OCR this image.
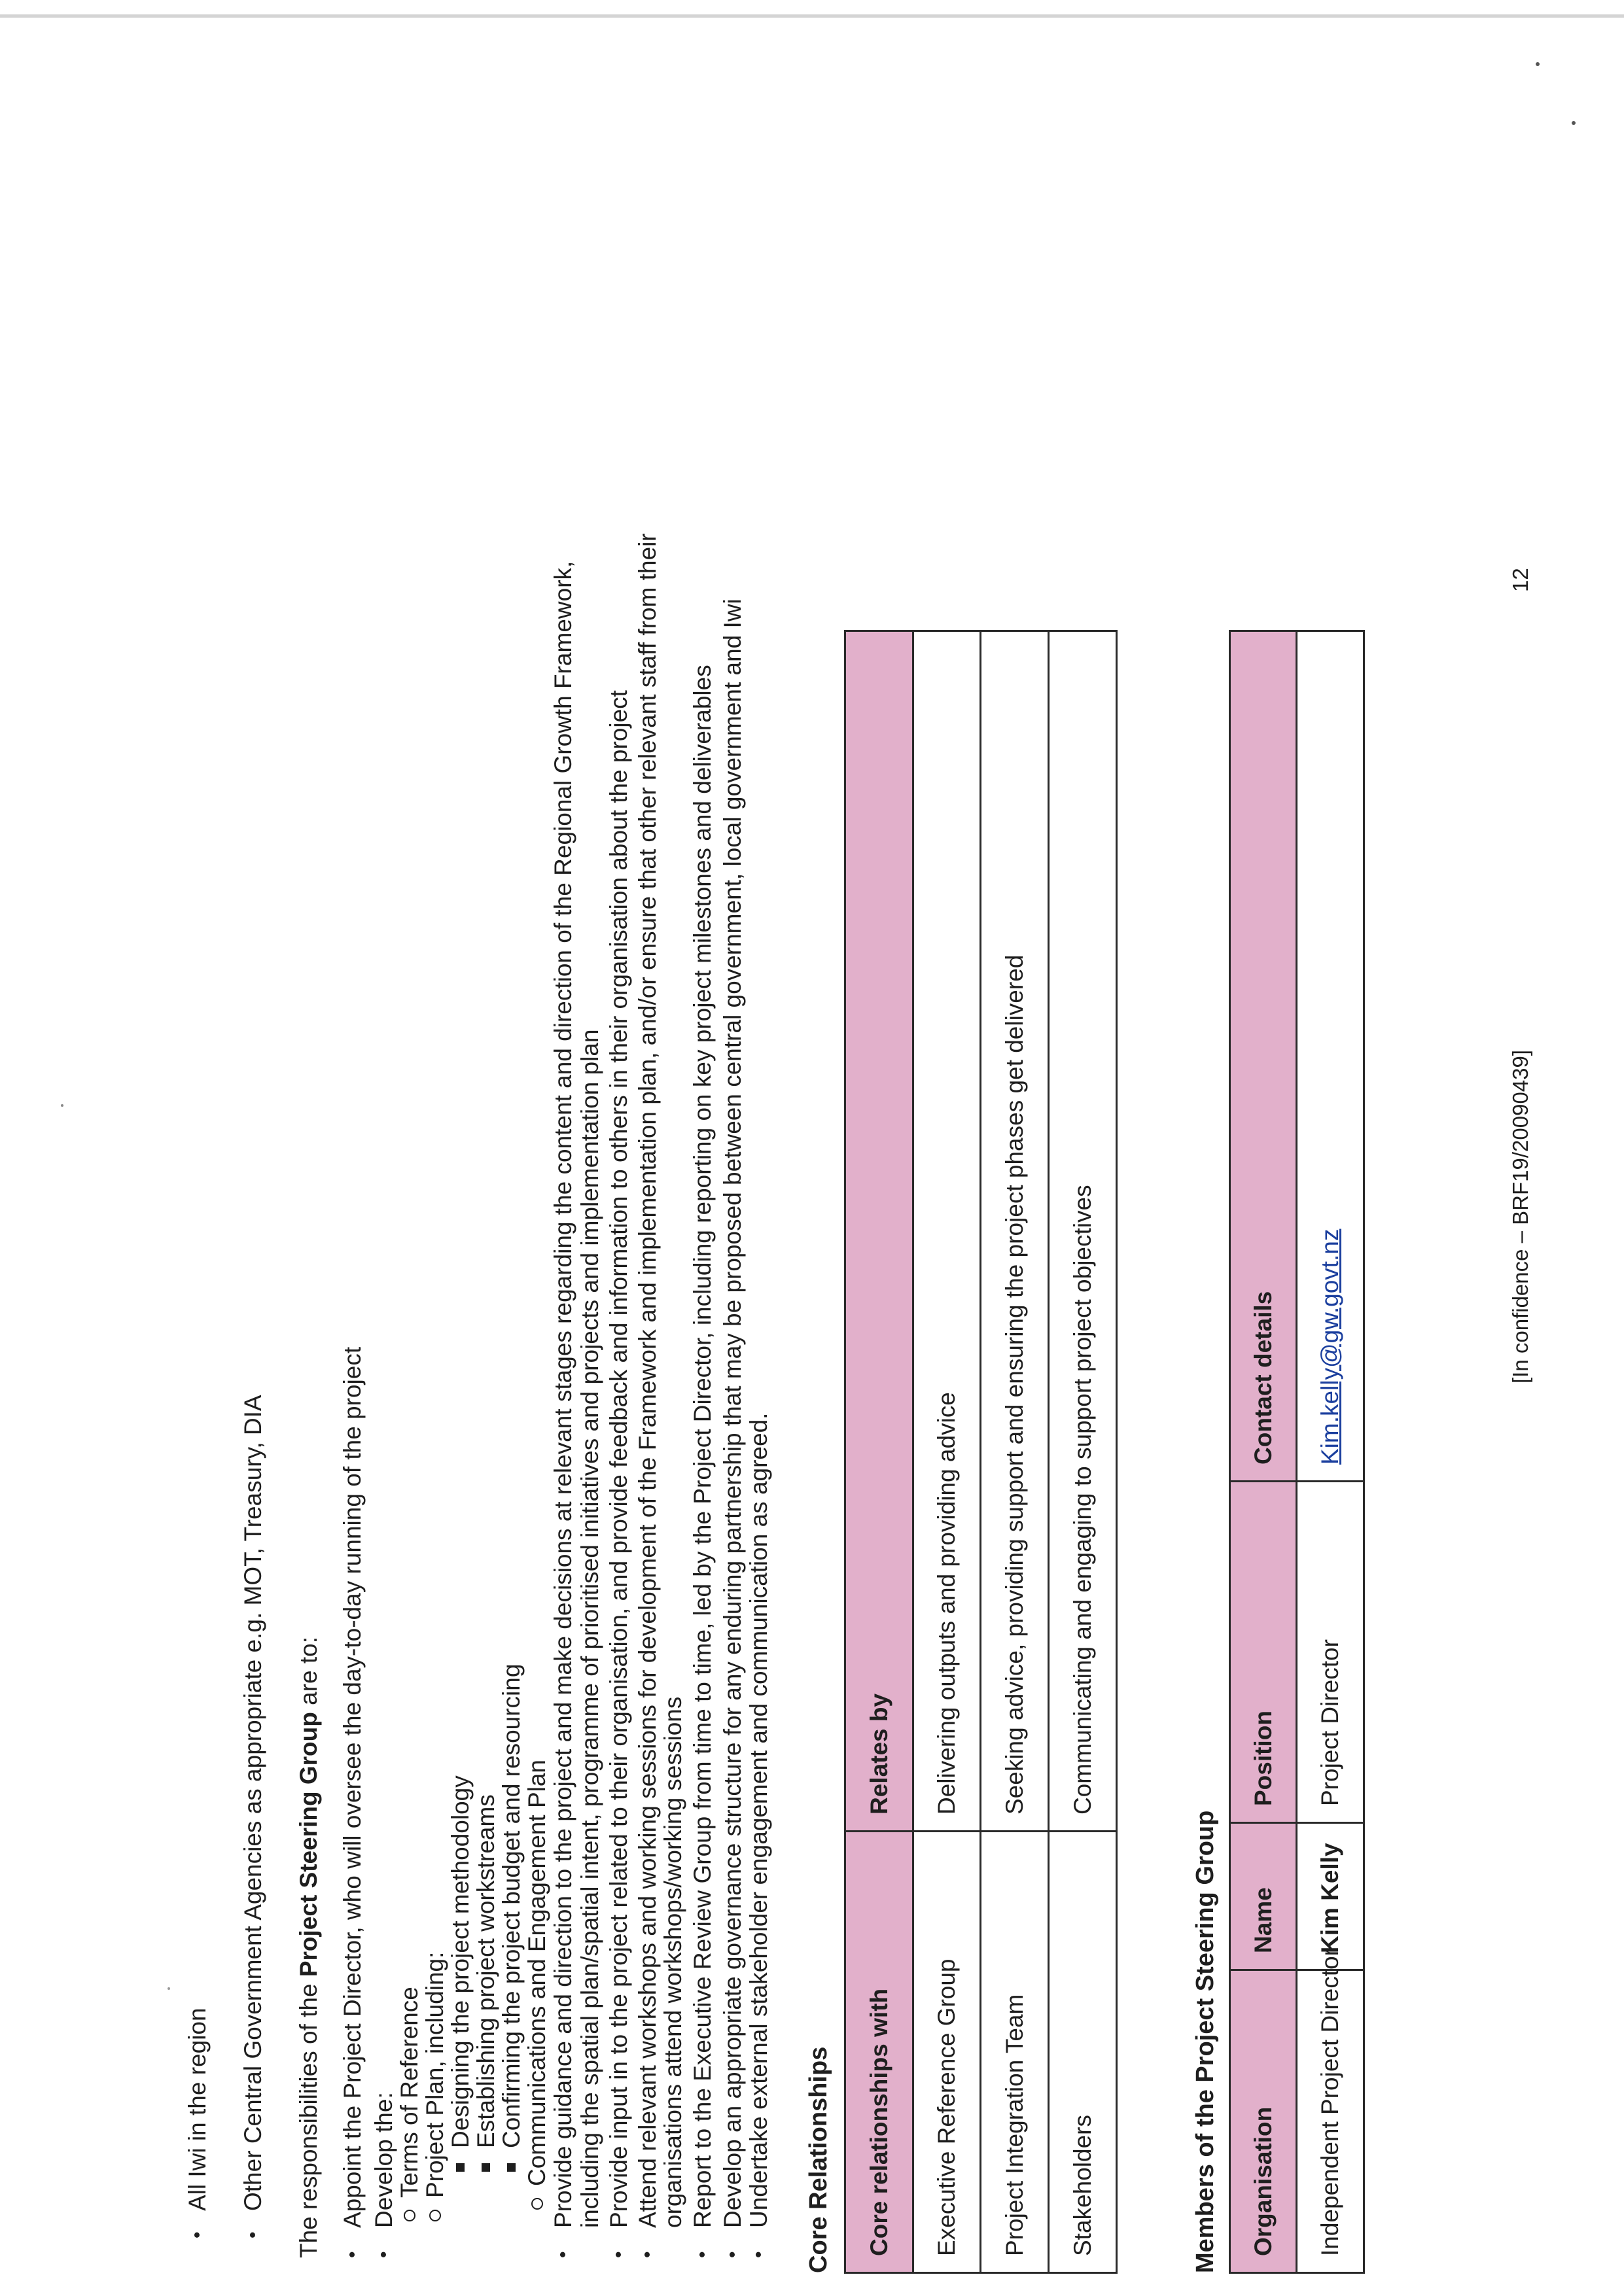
•
All Iwi in the region
•
Other Central Government Agencies as appropriate e.g. MOT, Treasury, DIA The responsibilities of the Project Steering Group are to:
•
Appoint the Project Director, who will oversee the day-to-day running of the project
•
Develop the:
Terms of Reference
Project Plan, including:
Designing the project methodology
Establishing project workstreams
Confirming the project budget and resourcing
Communications and Engagement Plan
•
Provide guidance and direction to the project and make decisions at relevant stages regarding the content and direction of the Regional Growth Framework, including the spatial plan/spatial intent, programme of prioritised initiatives and projects and implementation plan
•
Provide input in to the project related to their organisation, and provide feedback and information to others in their organisation about the project
•
Attend relevant workshops and working sessions for development of the Framework and implementation plan, and/or ensure that other relevant staff from their
organisations attend workshops/working sessions
•
Report to the Executive Review Group from time to time, led by the Project Director, including reporting on key project milestones and deliverables
•
Develop an appropriate governance structure for any enduring partnership that may be proposed between central government, local government and Iwi
•
Undertake external stakeholder engagement and communication as agreed. Core Relationships Core relationships with	Relates by
Executive Reference Group	Delivering outputs and providing advice
Project Integration Team	Seeking advice, providing support and ensuring the project phases get delivered
Stakeholders	Communicating and engaging to support project objectives
Members of the Project Steering Group Organisation	Name	Position	Contact details
Independent Project Director	Kim Kelly	Project Director	Kim.kelly@gw.govt.nz	[In confidence – BRF19/20090439]
12
